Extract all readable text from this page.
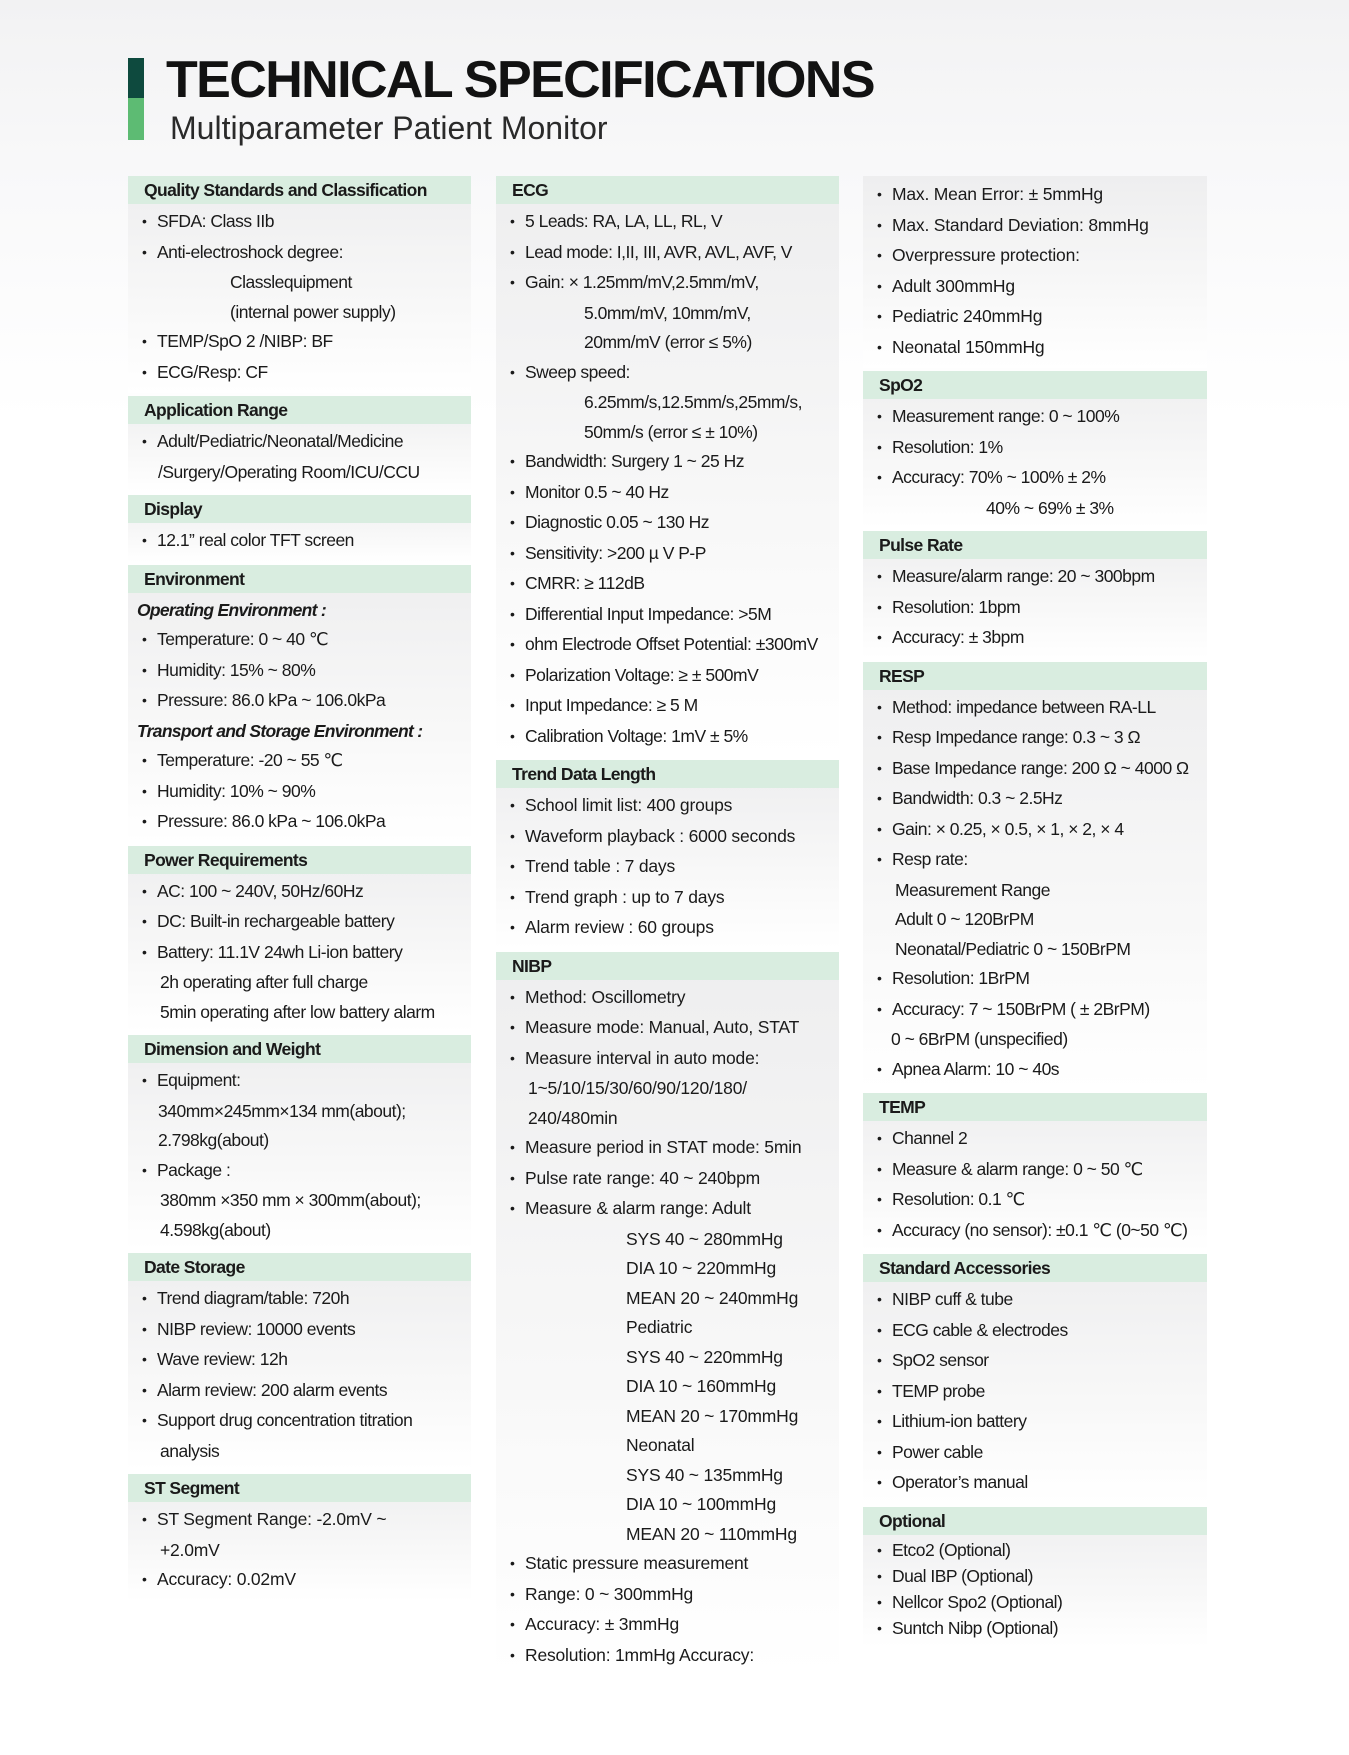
TECHNICAL SPECIFICATIONS
Multiparameter Patient Monitor
Quality Standards and Classification
• SFDA: Class IIb
• Anti-electroshock degree:
Classlequipment
(internal power supply)
• TEMP/SpO 2 /NIBP: BF
• ECG/Resp: CF
Application Range
• Adult/Pediatric/Neonatal/Medicine
/Surgery/Operating Room/ICU/CCU
Display
• 12.1” real color TFT screen
Environment
Operating Environment :
• Temperature: 0 ~ 40 ℃
• Humidity: 15% ~ 80%
• Pressure: 86.0 kPa ~ 106.0kPa
Transport and Storage Environment :
• Temperature: -20 ~ 55 ℃
• Humidity: 10% ~ 90%
• Pressure: 86.0 kPa ~ 106.0kPa
Power Requirements
• AC: 100 ~ 240V, 50Hz/60Hz
• DC: Built-in rechargeable battery
• Battery: 11.1V 24wh Li-ion battery
2h operating after full charge
5min operating after low battery alarm
Dimension and Weight
• Equipment:
340mm×245mm×134 mm(about);
2.798kg(about)
• Package :
380mm ×350 mm × 300mm(about);
4.598kg(about)
Date Storage
• Trend diagram/table: 720h
• NIBP review: 10000 events
• Wave review: 12h
• Alarm review: 200 alarm events
• Support drug concentration titration
analysis
ST Segment
• ST Segment Range: -2.0mV ~
+2.0mV
• Accuracy: 0.02mV
ECG
• 5 Leads: RA, LA, LL, RL, V
• Lead mode: I,II, III, AVR, AVL, AVF, V
• Gain: × 1.25mm/mV,2.5mm/mV,
5.0mm/mV, 10mm/mV,
20mm/mV (error ≤ 5%)
• Sweep speed:
6.25mm/s,12.5mm/s,25mm/s,
50mm/s (error ≤ ± 10%)
• Bandwidth: Surgery 1 ~ 25 Hz
• Monitor 0.5 ~ 40 Hz
• Diagnostic 0.05 ~ 130 Hz
• Sensitivity: >200 µ V P-P
• CMRR: ≥ 112dB
• Differential Input Impedance: >5M
• ohm Electrode Offset Potential: ±300mV
• Polarization Voltage: ≥ ± 500mV
• Input Impedance: ≥ 5 M
• Calibration Voltage: 1mV ± 5%
Trend Data Length
• School limit list: 400 groups
• Waveform playback : 6000 seconds
• Trend table : 7 days
• Trend graph : up to 7 days
• Alarm review : 60 groups
NIBP
• Method: Oscillometry
• Measure mode: Manual, Auto, STAT
• Measure interval in auto mode:
1~5/10/15/30/60/90/120/180/
240/480min
• Measure period in STAT mode: 5min
• Pulse rate range: 40 ~ 240bpm
• Measure & alarm range: Adult
SYS 40 ~ 280mmHg
DIA 10 ~ 220mmHg
MEAN 20 ~ 240mmHg
Pediatric
SYS 40 ~ 220mmHg
DIA 10 ~ 160mmHg
MEAN 20 ~ 170mmHg
Neonatal
SYS 40 ~ 135mmHg
DIA 10 ~ 100mmHg
MEAN 20 ~ 110mmHg
• Static pressure measurement
• Range: 0 ~ 300mmHg
• Accuracy: ± 3mmHg
• Resolution: 1mmHg Accuracy:
• Max. Mean Error: ± 5mmHg
• Max. Standard Deviation: 8mmHg
• Overpressure protection:
• Adult 300mmHg
• Pediatric 240mmHg
• Neonatal 150mmHg
SpO2
• Measurement range: 0 ~ 100%
• Resolution: 1%
• Accuracy: 70% ~ 100% ± 2%
40% ~ 69% ± 3%
Pulse Rate
• Measure/alarm range: 20 ~ 300bpm
• Resolution: 1bpm
• Accuracy: ± 3bpm
RESP
• Method: impedance between RA-LL
• Resp Impedance range: 0.3 ~ 3 Ω
• Base Impedance range: 200 Ω ~ 4000 Ω
• Bandwidth: 0.3 ~ 2.5Hz
• Gain: × 0.25, × 0.5, × 1, × 2, × 4
• Resp rate:
Measurement Range
Adult 0 ~ 120BrPM
Neonatal/Pediatric 0 ~ 150BrPM
• Resolution: 1BrPM
• Accuracy: 7 ~ 150BrPM ( ± 2BrPM)
0 ~ 6BrPM (unspecified)
• Apnea Alarm: 10 ~ 40s
TEMP
• Channel 2
• Measure & alarm range: 0 ~ 50 ℃
• Resolution: 0.1 ℃
• Accuracy (no sensor): ±0.1 ℃ (0~50 ℃)
Standard Accessories
• NIBP cuff & tube
• ECG cable & electrodes
• SpO2 sensor
• TEMP probe
• Lithium-ion battery
• Power cable
• Operator’s manual
Optional
• Etco2 (Optional)
• Dual IBP (Optional)
• Nellcor Spo2 (Optional)
• Suntch Nibp (Optional)
